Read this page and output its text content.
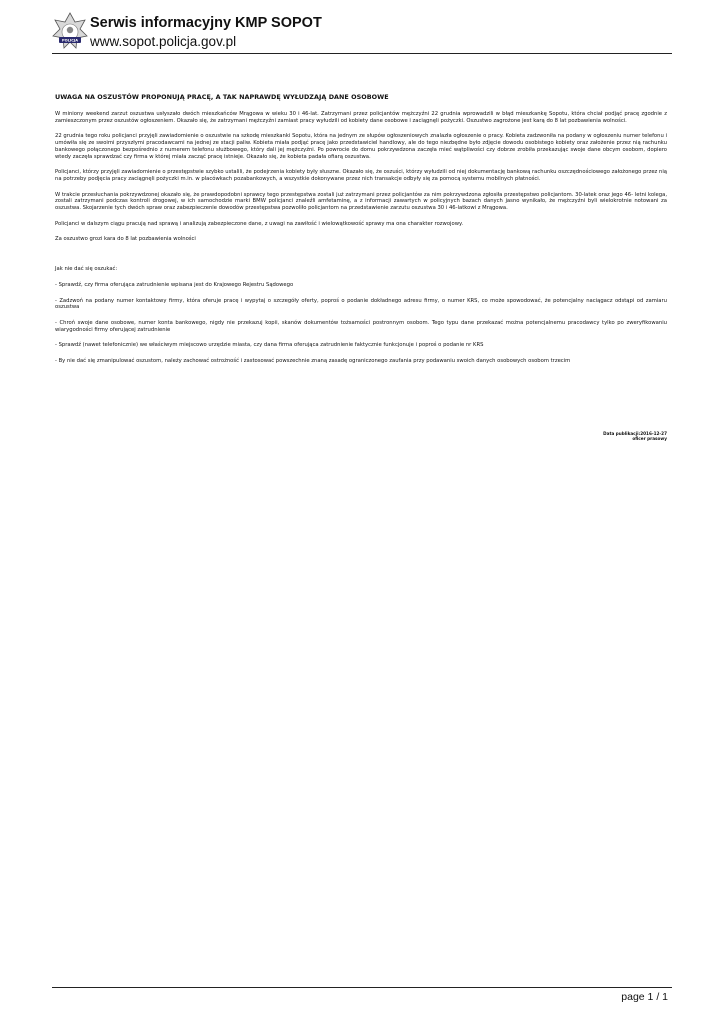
POLICJA
Serwis informacyjny KMP SOPOT
www.sopot.policja.gov.pl
UWAGA NA OSZUSTÓW PROPONUJĄ PRACĘ, A TAK NAPRAWDĘ WYŁUDZAJĄ DANE OSOBOWE

W miniony weekend zarzut oszustwa usłyszało dwóch mieszkańców Mrągowa w wieku 30 i 46-lat. Zatrzymani przez policjantów mężczyźni 22 grudnia wprowadzili w błąd mieszkankę Sopotu, która chciał podjąć pracę zgodnie z zamieszczonym przez oszustów ogłoszeniem. Okazało się, że zatrzymani mężczyźni zamiast pracy wyłudzili od kobiety dane osobowe i zaciągnęli pożyczki. Oszustwo zagrożone jest karą do 8 lat pozbawienia wolności.

22 grudnia tego roku policjanci przyjęli zawiadomienie o oszustwie na szkodę mieszkanki Sopotu, która na jednym ze słupów ogłoszeniowych znalazła ogłoszenie o pracy. Kobieta zadzwoniła na podany w ogłoszeniu numer telefonu i umówiła się ze swoimi przyszłymi pracodawcami na jednej ze stacji paliw. Kobieta miała podjąć pracę jako przedstawiciel handlowy, ale do tego niezbędne było zdjęcie dowodu osobistego kobiety oraz założenie przez nią rachunku bankowego połączonego bezpośrednio z numerem telefonu służbowego, który dali jej mężczyźni. Po powrocie do domu pokrzywdzona zaczęła mieć wątpliwości czy dobrze zrobiła przekazując swoje dane obcym osobom, dopiero wtedy zaczęła sprawdzać czy firma w której miała zacząć pracę istnieje. Okazało się, że kobieta padała ofiarą oszustwa.

Policjanci, którzy przyjęli zawiadomienie o przestępstwie szybko ustalili, że podejrzenia kobiety były słuszne. Okazało się, że oszuści, którzy wyłudzili od niej dokumentację bankową rachunku oszczędnościowego założonego przez nią na potrzeby podjęcia pracy zaciągnęli pożyczki m.in. w placówkach pozabankowych, a wszystkie dokonywane przez nich transakcje odbyły się za pomocą systemu mobilnych płatności.

W trakcie przesłuchania pokrzywdzonej okazało się, że prawdopodobni sprawcy tego przestępstwa zostali już zatrzymani przez policjantów za nim pokrzywdzona zgłosiła przestępstwo policjantom. 30-latek oraz jego 46- letni kolega, zostali zatrzymani podczas kontroli drogowej, w ich samochodzie marki BMW policjanci znaleźli amfetaminę, a z informacji zawartych w policyjnych bazach danych jasno wynikało, że mężczyźni byli wielokrotnie notowani za oszustwa. Skojarzenie tych dwóch spraw oraz zabezpieczenie dowodów przestępstwa pozwoliło policjantom na przedstawienie zarzutu oszustwa 30 i 46-latkowi z Mrągowa.

Policjanci w dalszym ciągu pracują nad sprawą i analizują zabezpieczone dane, z uwagi na zawiłość i wielowątkowość sprawy ma ona charakter rozwojowy.

Za oszustwo grozi kara do 8 lat pozbawienia wolności

Jak nie dać się oszukać:

- Sprawdź, czy firma oferująca zatrudnienie wpisana jest do Krajowego Rejestru Sądowego

- Zadzwoń na podany numer kontaktowy firmy, która oferuje pracę i wypytaj o szczegóły oferty, poproś o podanie dokładnego adresu firmy, o numer KRS, co może spowodować, że potencjalny naciągacz odstąpi od zamiaru oszustwa

- Chroń swoje dane osobowe, numer konta bankowego, nigdy nie przekazuj kopii, skanów dokumentów tożsamości postronnym osobom. Tego typu dane przekazać można potencjalnemu pracodawcy tylko po zweryfikowaniu wiarygodności firmy oferującej zatrudnienie

- Sprawdź (nawet telefonicznie) we właściwym miejscowo urzędzie miasta, czy dana firma oferująca zatrudnienie faktycznie funkcjonuje i poproś o podanie nr KRS

- By nie dać się zmanipulować oszustom, należy zachować ostrożność i zastosować powszechnie znaną zasadę ograniczonego zaufania przy podawaniu swoich danych osobowych osobom trzecim

Data publikacji:2016-12-27
oficer prasowy
page 1 / 1
